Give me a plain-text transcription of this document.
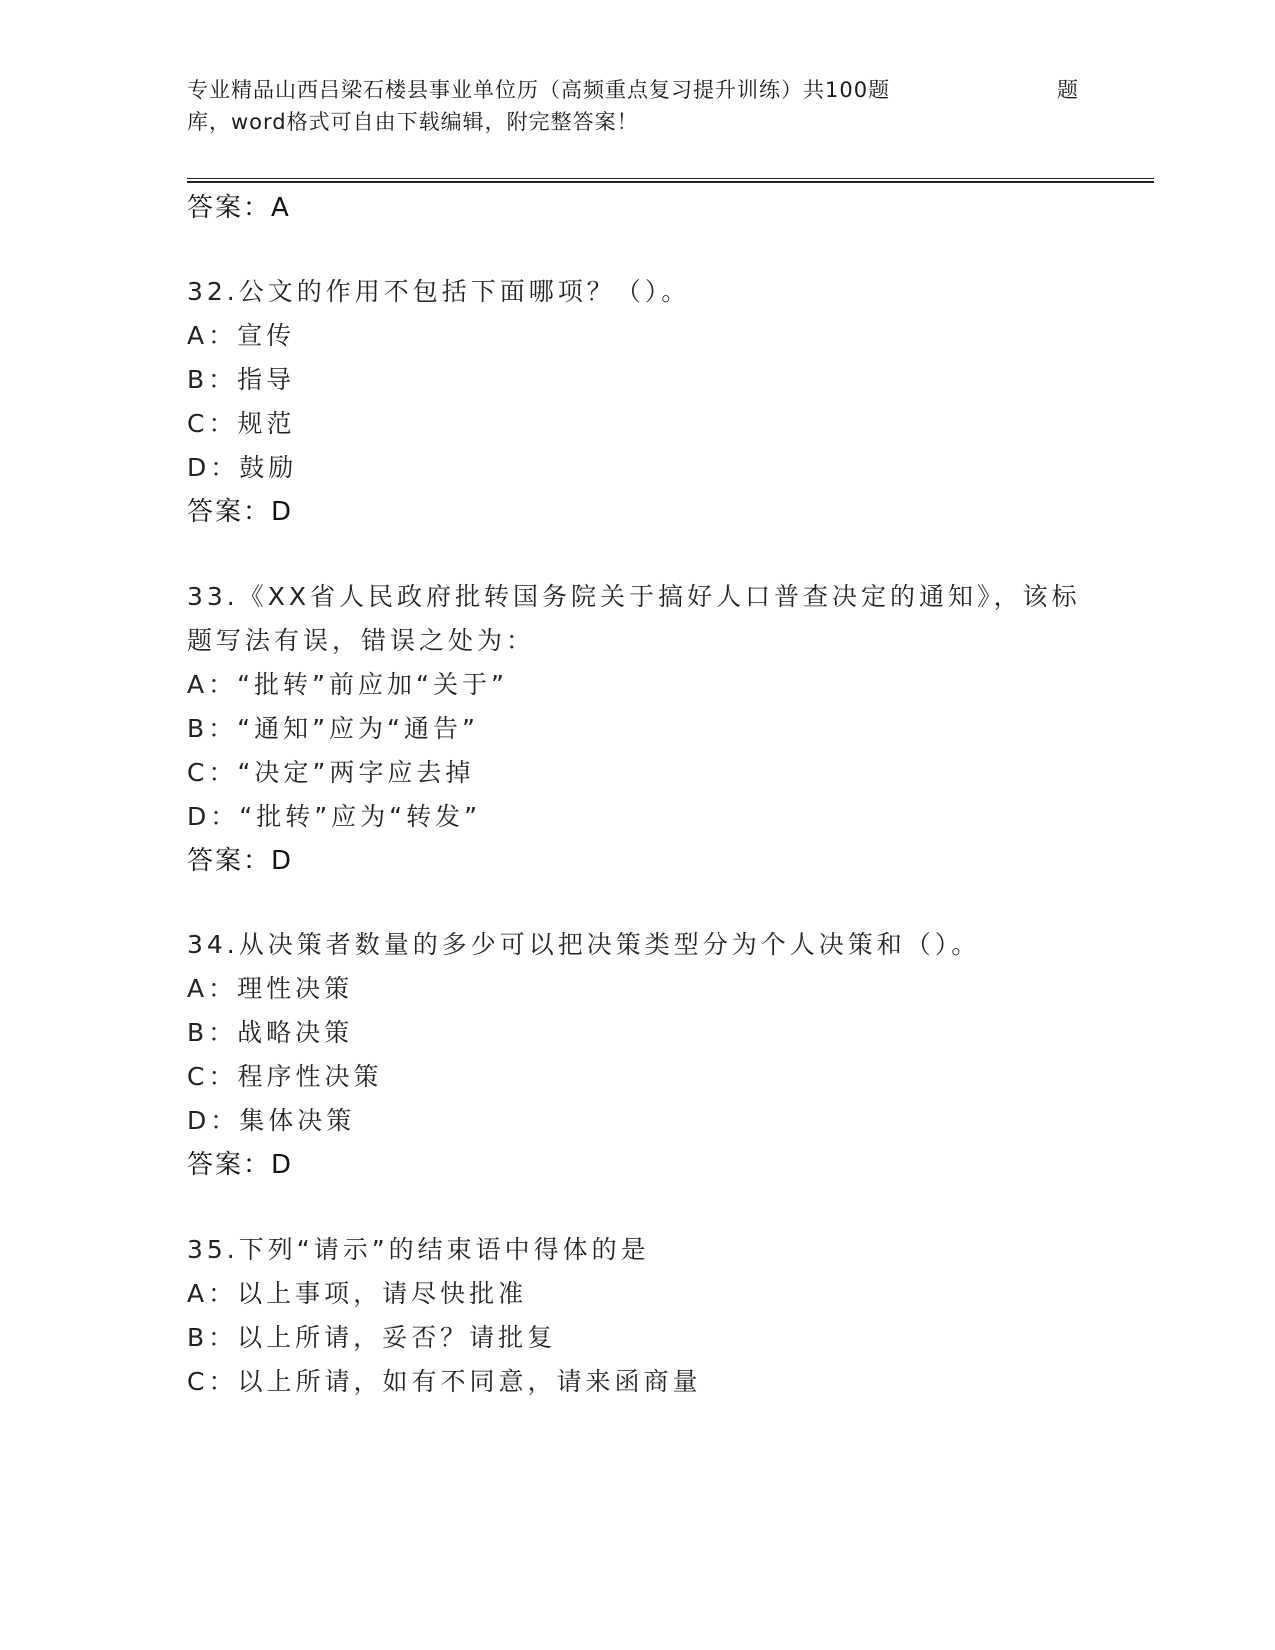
专业精品山西吕梁石楼县事业单位历（高频重点复习提升训练）共100题	题
库，word格式可自由下载编辑，附完整答案！
答案：A
32.公文的作用不包括下面哪项？（）。
A：宣传
B：指导
C：规范
D：鼓励
答案：D
33.《XX省人民政府批转国务院关于搞好人口普查决定的通知》，该标
题写法有误，错误之处为：
A：“批转”前应加“关于”
B：“通知”应为“通告”
C：“决定”两字应去掉
D：“批转”应为“转发”
答案：D
34.从决策者数量的多少可以把决策类型分为个人决策和（）。
A：理性决策
B：战略决策
C：程序性决策
D：集体决策
答案：D
35.下列“请示”的结束语中得体的是
A：以上事项，请尽快批准
B：以上所请，妥否？请批复
C：以上所请，如有不同意，请来函商量
